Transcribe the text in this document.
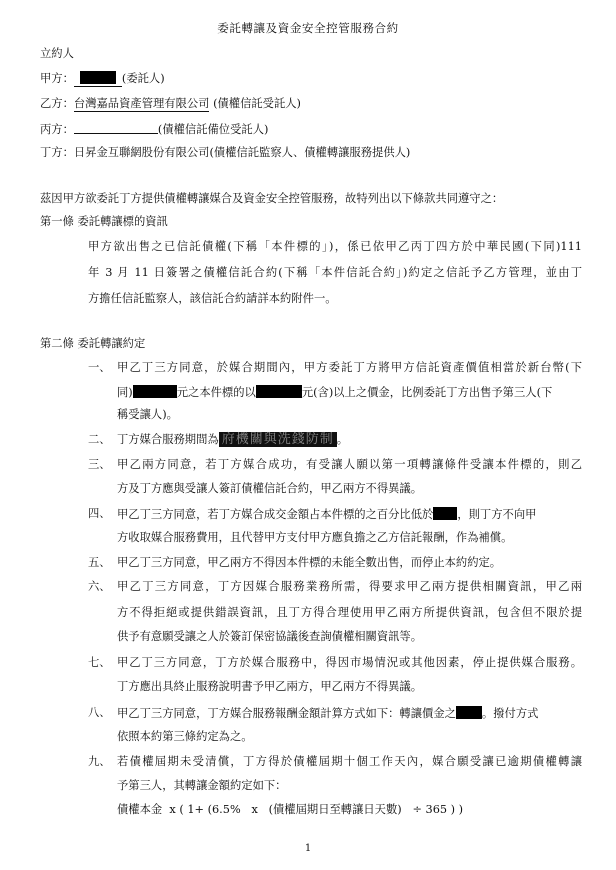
委託轉讓及資金安全控管服務合約
立約人
甲方：	(委託人)
乙方：台灣嘉品資產管理有限公司 (債權信託受託人)
丙方：	(債權信託備位受託人)
丁方：日昇金互聯網股份有限公司(債權信託監察人、債權轉讓服務提供人)
茲因甲方欲委託丁方提供債權轉讓媒合及資金安全控管服務，故特列出以下條款共同遵守之：
第一條 委託轉讓標的資訊
甲方欲出售之已信託債權(下稱「本件標的」)，係已依甲乙丙丁四方於中華民國(下同)111
年 3 月 11 日簽署之債權信託合約(下稱「本件信託合約」)約定之信託予乙方管理，並由丁
方擔任信託監察人，該信託合約請詳本約附件一。
第二條 委託轉讓約定
一、 甲乙丁三方同意，於媒合期間內，甲方委託丁方將甲方信託資產價值相當於新台幣(下
同)	元之本件標的以	元(含)以上之價金，比例委託丁方出售予第三人(下
稱受讓人)。
二、 丁方媒合服務期間為 府機關與洗錢防制 。
三、 甲乙兩方同意，若丁方媒合成功，有受讓人願以第一項轉讓條件受讓本件標的，則乙
方及丁方應與受讓人簽訂債權信託合約，甲乙兩方不得異議。
四、 甲乙丁三方同意，若丁方媒合成交金額占本件標的之百分比低於 ，則丁方不向甲
方收取媒合服務費用，且代替甲方支付甲方應負擔之乙方信託報酬，作為補償。
五、 甲乙丁三方同意，甲乙兩方不得因本件標的未能全數出售，而停止本約約定。
六、 甲乙丁三方同意，丁方因媒合服務業務所需，得要求甲乙兩方提供相關資訊，甲乙兩
方不得拒絕或提供錯誤資訊，且丁方得合理使用甲乙兩方所提供資訊，包含但不限於提
供予有意願受讓之人於簽訂保密協議後查詢債權相關資訊等。
七、 甲乙丁三方同意，丁方於媒合服務中，得因市場情況或其他因素，停止提供媒合服務。
丁方應出具終止服務說明書予甲乙兩方，甲乙兩方不得異議。
八、 甲乙丁三方同意，丁方媒合服務報酬金額計算方式如下：轉讓價金之 。撥付方式
依照本約第三條約定為之。
九、 若債權屆期未受清償，丁方得於債權屆期十個工作天內，媒合願受讓已逾期債權轉讓
予第三人，其轉讓金額約定如下：
債權本金  x ( 1+ (6.5%   x   (債權屆期日至轉讓日天數)   ÷ 365 ) )
1
